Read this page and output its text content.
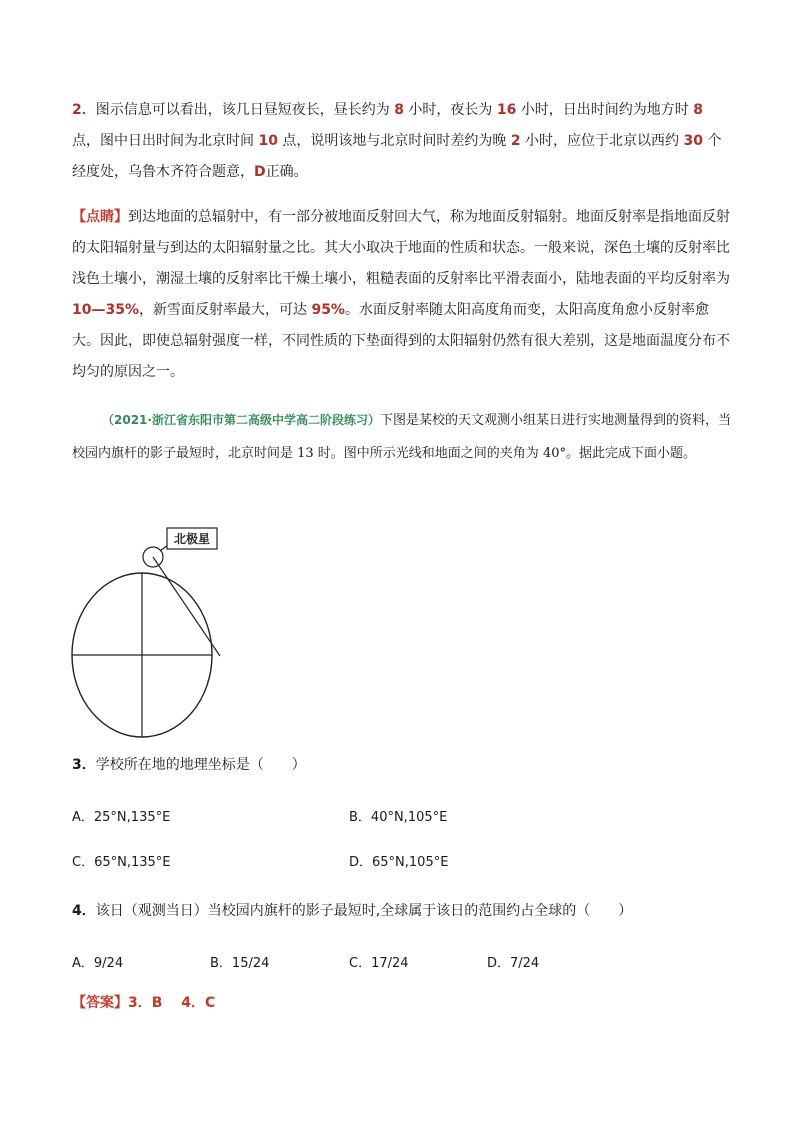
2．图示信息可以看出，该几日昼短夜长，昼长约为 8 小时，夜长为 16 小时，日出时间约为地方时 8 点，图中日出时间为北京时间 10 点，说明该地与北京时间时差约为晚 2 小时，应位于北京以西约 30 个经度处，乌鲁木齐符合题意，D正确。

【点睛】到达地面的总辐射中，有一部分被地面反射回大气，称为地面反射辐射。地面反射率是指地面反射的太阳辐射量与到达的太阳辐射量之比。其大小取决于地面的性质和状态。一般来说，深色土壤的反射率比浅色土壤小，潮湿土壤的反射率比干燥土壤小，粗糙表面的反射率比平滑表面小，陆地表面的平均反射率为 10—35%，新雪面反射率最大，可达 95%。水面反射率随太阳高度角而变，太阳高度角愈小反射率愈大。因此，即使总辐射强度一样，不同性质的下垫面得到的太阳辐射仍然有很大差别，这是地面温度分布不均匀的原因之一。

（2021·浙江省东阳市第二高级中学高二阶段练习）下图是某校的天文观测小组某日进行实地测量得到的资料，当校园内旗杆的影子最短时，北京时间是 13 时。图中所示光线和地面之间的夹角为 40°。据此完成下面小题。

北极星

3．学校所在地的地理坐标是（　　）

A．25°N,135°E	B．40°N,105°E
C．65°N,135°E	D．65°N,105°E

4．该日（观测当日）当校园内旗杆的影子最短时,全球属于该日的范围约占全球的（　　）

A．9/24	B．15/24	C．17/24	D．7/24
【答案】3．B　 4．C
